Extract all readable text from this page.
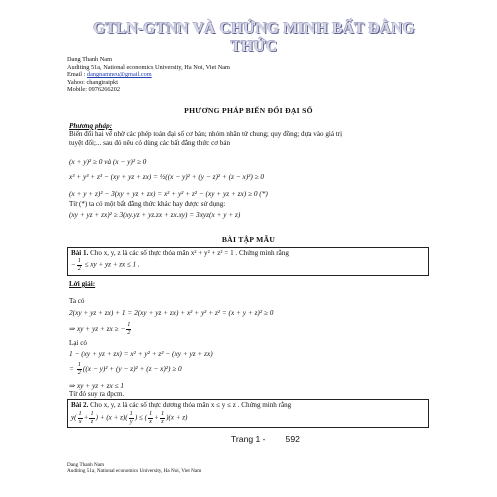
GTLN-GTNN VÀ CHỨNG MINH BẤT ĐẲNG THỨC
Dang Thanh Nam
Auditing 51a, National economics University, Ha Noi, Viet Nam
Email : dangnamneu@gmail.com
Yahoo: changtraipkt
Mobile: 0976266202
PHƯƠNG PHÁP BIẾN ĐỔI ĐẠI SỐ
Phương pháp:
Biến đổi hai vế nhờ các phép toán đại số cơ bản; nhóm nhân tử chung; quy đồng; dựa vào giá trị
tuyệt đối;... sau đó nêu có dùng các bất đẳng thức cơ bản
(x + y)² ≥ 0 và (x − y)² ≥ 0
x³ + y³ + z³ − (xy + yz + zx) = ½((x − y)² + (y − z)² + (z − x)²) ≥ 0
(x + y + z)² − 3(xy + yz + zx) = x² + y² + z² − (xy + yz + zx) ≥ 0 (*)
Từ (*) ta có một bất đẳng thức khác hay được sử dụng:
(xy + yz + zx)² ≥ 3(xy.yz + yz.zx + zx.xy) = 3xyz(x + y + z)
BÀI TẬP MẪU
Bài 1. Cho x, y, z là các số thực thỏa mãn x² + y² + z² = 1 . Chứng minh rằng
− $\frac{1}{2}$ ≤ xy + yz + zx ≤ 1 .
Lời giải:
Ta có
2(xy + yz + zx) + 1 = 2(xy + yz + zx) + x² + y² + z² = (x + y + z)² ≥ 0
⇒ xy + yz + zx ≥ − $\frac{1}{2}$
Lại có
1 − (xy + yz + zx) = x² + y² + z² − (xy + yz + zx)
= $\frac{1}{2} ((x - y)^2 + (y - z)^2 + (z - x)^2) \ge 0$
⇒ xy + yz + zx ≤ 1
Từ đó suy ra đpcm.
Bài 2. Cho x, y, z là các số thực dương thỏa mãn x ≤ y ≤ z . Chứng minh rằng
$y( \frac{1}{x} + \frac{1}{z}$ ) + $(x + z)( \frac{1}{y}$ ) ≤ ( $\frac{1}{x} + \frac{1}{z} )(x + z)$
Trang 1 - 592
Dang Thanh Nam
Auditing 51a, National economics University, Ha Noi, Viet Nam
